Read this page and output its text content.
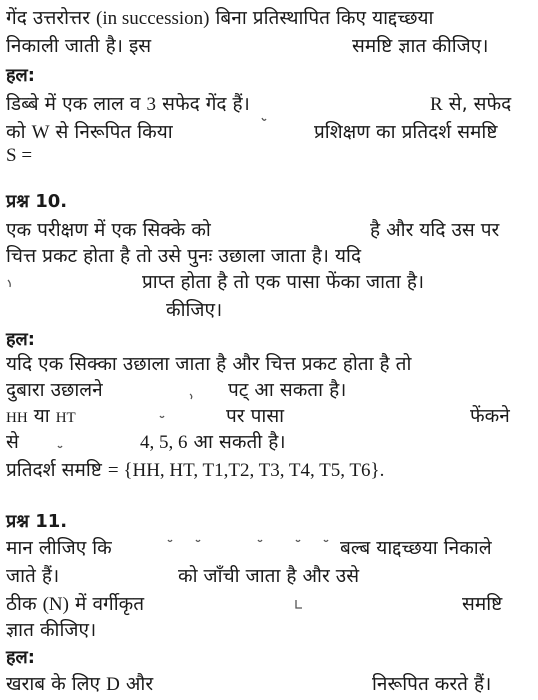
गेंद उत्तरोत्तर (in succession) बिना प्रतिस्थापित किए याद्दच्छया
निकाली जाती है। इस	समष्टि ज्ञात कीजिए।
हल:
डिब्बे में एक लाल व 3 सफेद गेंद हैं।	R से, सफेद
को W से निरूपित किया	प्रशिक्षण का प्रतिदर्श समष्टि
S =
प्रश्न 10.
एक परीक्षण में एक सिक्के को	है और यदि उस पर
चित्त प्रकट होता है तो उसे पुनः उछाला जाता है। यदि
प्राप्त होता है तो एक पासा फेंका जाता है।
कीजिए।
हल:
यदि एक सिक्का उछाला जाता है और चित्त प्रकट होता है तो
दुबारा उछालने	पट् आ सकता है।
HH या HT	पर पासा	फेंकने
से	4, 5, 6 आ सकती है।
प्रतिदर्श समष्टि = {HH, HT, T1,T2, T3, T4, T5, T6}.
प्रश्न 11.
मान लीजिए कि	बल्ब याद्दच्छया निकाले
जाते हैं।	को जाँची जाता है और उसे
ठीक (N) में वर्गीकृत	समष्टि
ज्ञात कीजिए।
हल:
खराब के लिए D और	निरूपित करते हैं।
